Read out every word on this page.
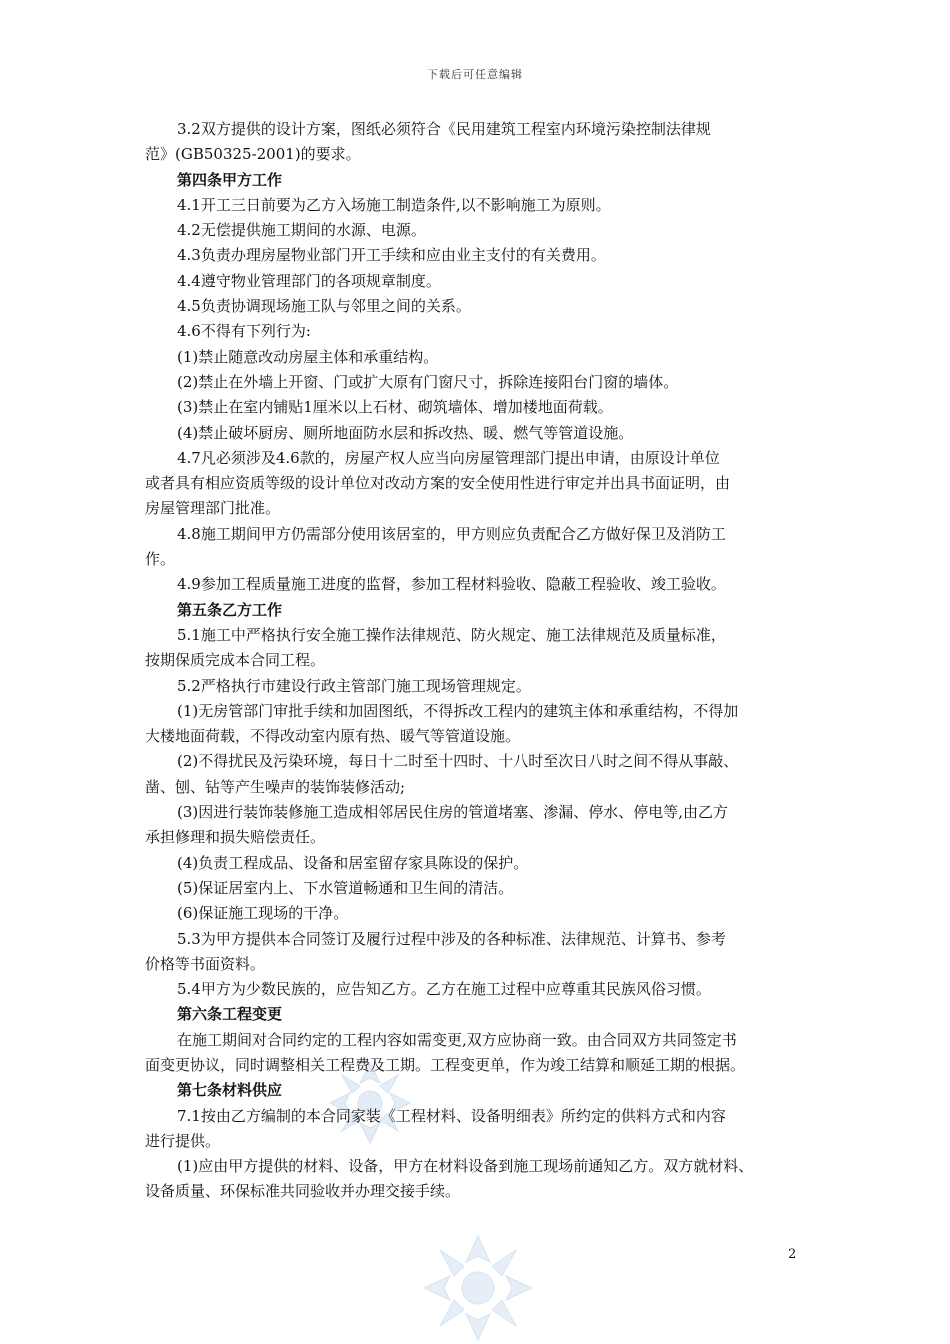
下载后可任意编辑
3.2双方提供的设计方案，图纸必须符合《民用建筑工程室内环境污染控制法律规
范》(GB50325-2001)的要求。
第四条甲方工作
4.1开工三日前要为乙方入场施工制造条件,以不影响施工为原则。
4.2无偿提供施工期间的水源、电源。
4.3负责办理房屋物业部门开工手续和应由业主支付的有关费用。
4.4遵守物业管理部门的各项规章制度。
4.5负责协调现场施工队与邻里之间的关系。
4.6不得有下列行为:
(1)禁止随意改动房屋主体和承重结构。
(2)禁止在外墙上开窗、门或扩大原有门窗尺寸，拆除连接阳台门窗的墙体。
(3)禁止在室内铺贴1厘米以上石材、砌筑墙体、增加楼地面荷载。
(4)禁止破坏厨房、厕所地面防水层和拆改热、暖、燃气等管道设施。
4.7凡必须涉及4.6款的，房屋产权人应当向房屋管理部门提出申请，由原设计单位
或者具有相应资质等级的设计单位对改动方案的安全使用性进行审定并出具书面证明，由
房屋管理部门批准。
4.8施工期间甲方仍需部分使用该居室的，甲方则应负责配合乙方做好保卫及消防工
作。
4.9参加工程质量施工进度的监督，参加工程材料验收、隐蔽工程验收、竣工验收。
第五条乙方工作
5.1施工中严格执行安全施工操作法律规范、防火规定、施工法律规范及质量标准，
按期保质完成本合同工程。
5.2严格执行市建设行政主管部门施工现场管理规定。
(1)无房管部门审批手续和加固图纸，不得拆改工程内的建筑主体和承重结构，不得加
大楼地面荷载，不得改动室内原有热、暖气等管道设施。
(2)不得扰民及污染环境，每日十二时至十四时、十八时至次日八时之间不得从事敲、
凿、刨、钻等产生噪声的装饰装修活动;
(3)因进行装饰装修施工造成相邻居民住房的管道堵塞、渗漏、停水、停电等,由乙方
承担修理和损失赔偿责任。
(4)负责工程成品、设备和居室留存家具陈设的保护。
(5)保证居室内上、下水管道畅通和卫生间的清洁。
(6)保证施工现场的干净。
5.3为甲方提供本合同签订及履行过程中涉及的各种标准、法律规范、计算书、参考
价格等书面资料。
5.4甲方为少数民族的，应告知乙方。乙方在施工过程中应尊重其民族风俗习惯。
第六条工程变更
在施工期间对合同约定的工程内容如需变更,双方应协商一致。由合同双方共同签定书
面变更协议，同时调整相关工程费及工期。工程变更单，作为竣工结算和顺延工期的根据。
第七条材料供应
7.1按由乙方编制的本合同家装《工程材料、设备明细表》所约定的供料方式和内容
进行提供。
(1)应由甲方提供的材料、设备，甲方在材料设备到施工现场前通知乙方。双方就材料、
设备质量、环保标准共同验收并办理交接手续。
2
